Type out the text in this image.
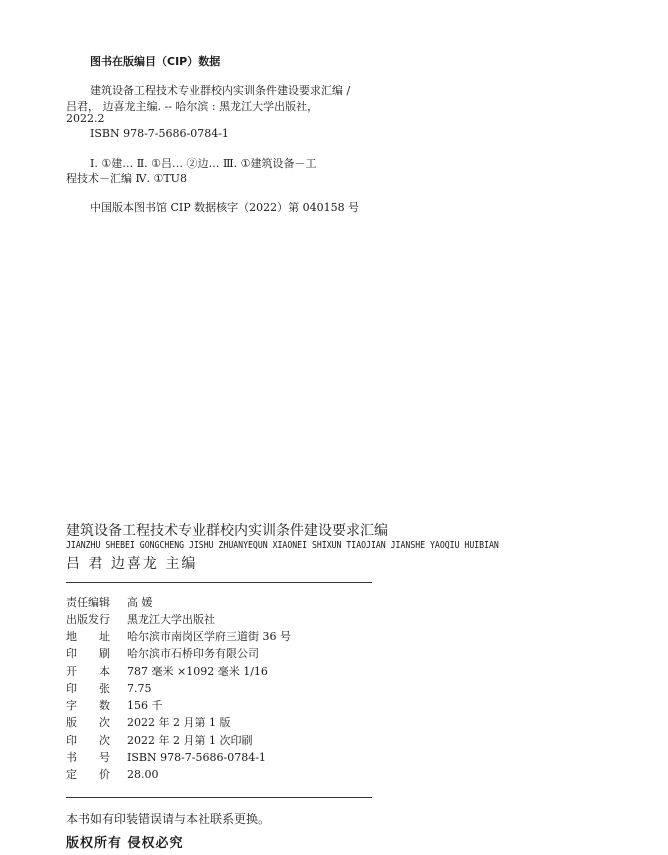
图书在版编目（CIP）数据
建筑设备工程技术专业群校内实训条件建设要求汇编 /
吕君， 边喜龙主编. -- 哈尔滨 : 黑龙江大学出版社，
2022.2
ISBN 978-7-5686-0784-1
Ⅰ. ①建… Ⅱ. ①吕… ②边… Ⅲ. ①建筑设备－工
程技术－汇编 Ⅳ. ①TU8
中国版本图书馆 CIP 数据核字（2022）第 040158 号
建筑设备工程技术专业群校内实训条件建设要求汇编
JIANZHU SHEBEI GONGCHENG JISHU ZHUANYEQUN XIAONEI SHIXUN TIAOJIAN JIANSHE YAOQIU HUIBIAN
吕 君 边喜龙 主编
责任编辑 高 媛
出版发行 黑龙江大学出版社
地址 哈尔滨市南岗区学府三道街 36 号
印刷 哈尔滨市石桥印务有限公司
开本 787 毫米 ×1092 毫米 1/16
印张 7.75
字数 156 千
版次 2022 年 2 月第 1 版
印次 2022 年 2 月第 1 次印刷
书号 ISBN 978-7-5686-0784-1
定价 28.00
本书如有印装错误请与本社联系更换。
版权所有 侵权必究
